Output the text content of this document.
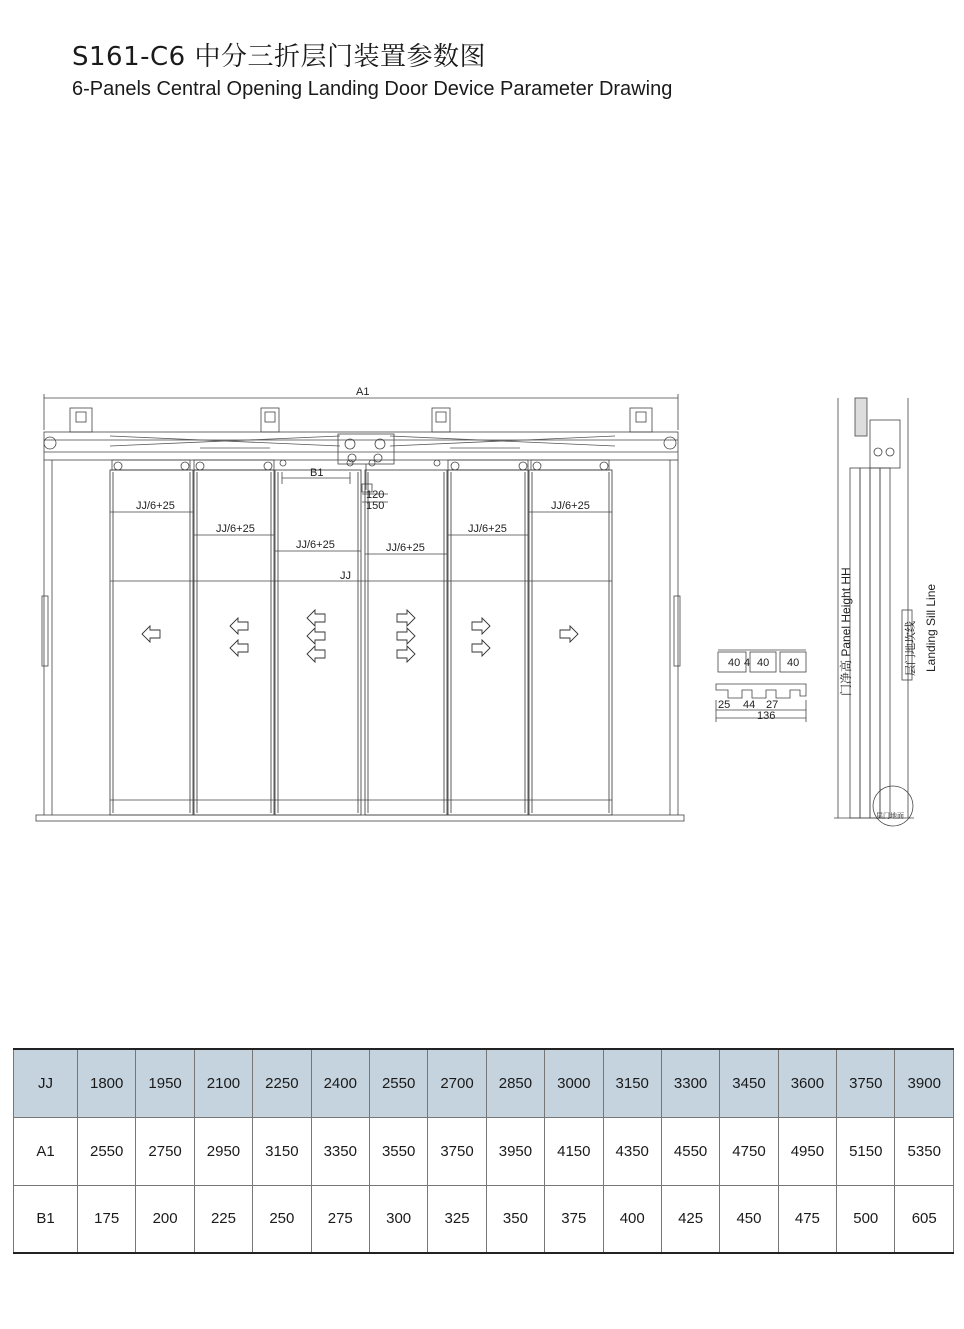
S161-C6 中分三折层门装置参数图
6-Panels Central Opening Landing Door Device Parameter Drawing
A1
B1
120
150
JJ/6+25
JJ/6+25
JJ/6+25	JJ/6+25
JJ/6+25
JJ/6+25
JJ
40 4 40 40
25 44 27
136
门净高 Panel Height HH	层门地坎线 Landing Sill Line
层门地面
JJ	1800	1950	2100	2250	2400	2550	2700	2850	3000	3150	3300	3450	3600	3750	3900
A1	2550	2750	2950	3150	3350	3550	3750	3950	4150	4350	4550	4750	4950	5150	5350
B1	175	200	225	250	275	300	325	350	375	400	425	450	475	500	605
